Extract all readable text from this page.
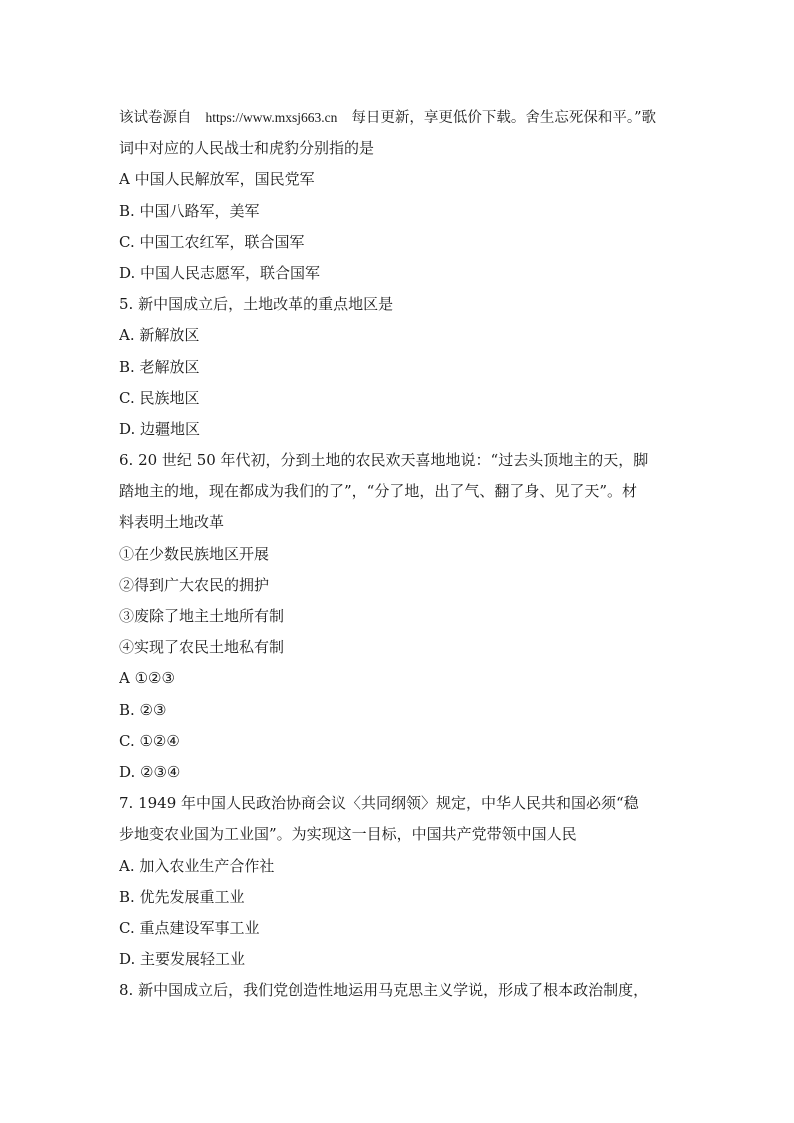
该试卷源自 https://www.mxsj663.cn 每日更新，享更低价下载。舍生忘死保和平。”歌
词中对应的人民战士和虎豹分别指的是
A 中国人民解放军，国民党军
B. 中国八路军，美军
C. 中国工农红军，联合国军
D. 中国人民志愿军，联合国军
5. 新中国成立后，土地改革的重点地区是
A. 新解放区
B. 老解放区
C. 民族地区
D. 边疆地区
6. 20 世纪 50 年代初，分到土地的农民欢天喜地地说：“过去头顶地主的天，脚
踏地主的地，现在都成为我们的了”，“分了地，出了气、翻了身、见了天”。材
料表明土地改革
①在少数民族地区开展
②得到广大农民的拥护
③废除了地主土地所有制
④实现了农民土地私有制
A ①②③
B. ②③
C. ①②④
D. ②③④
7. 1949 年中国人民政治协商会议〈共同纲领〉规定，中华人民共和国必须“稳
步地变农业国为工业国”。为实现这一目标，中国共产党带领中国人民
A. 加入农业生产合作社
B. 优先发展重工业
C. 重点建设军事工业
D. 主要发展轻工业
8. 新中国成立后，我们党创造性地运用马克思主义学说，形成了根本政治制度，
